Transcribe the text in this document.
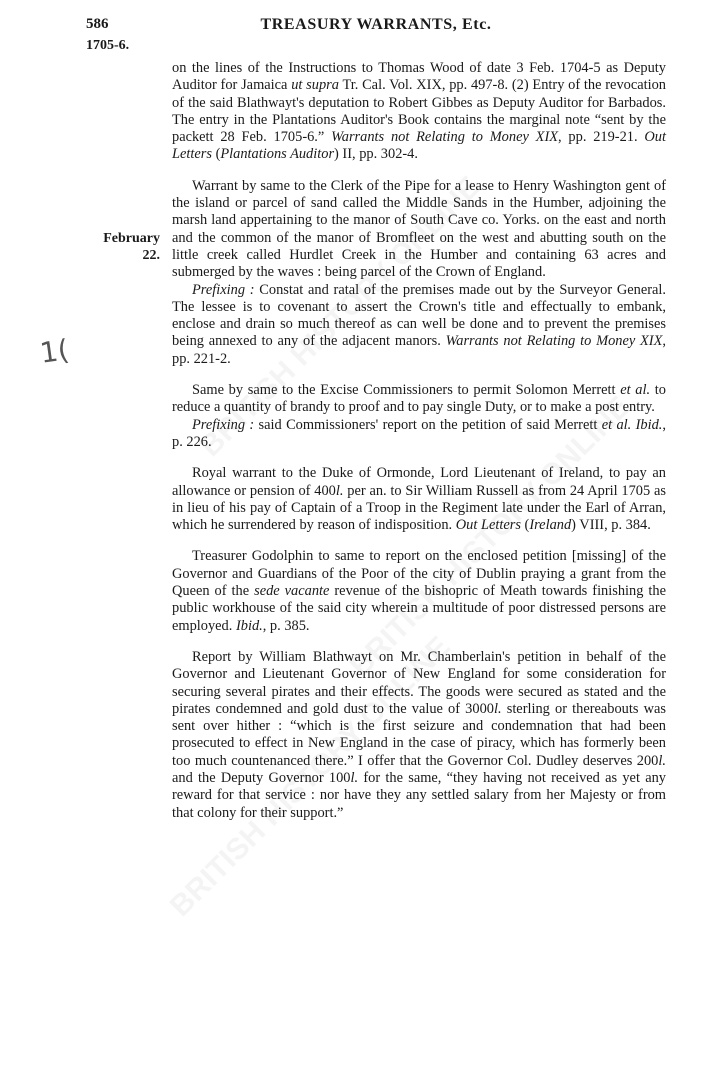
586	TREASURY WARRANTS, Etc.
1705-6.
February
22.
1(

on the lines of the Instructions to Thomas Wood of date 3 Feb. 1704-5 as Deputy Auditor for Jamaica ut supra Tr. Cal. Vol. XIX, pp. 497-8. (2) Entry of the revocation of the said Blathwayt's deputation to Robert Gibbes as Deputy Auditor for Barbados. The entry in the Plantations Auditor's Book contains the marginal note “sent by the packett 28 Feb. 1705-6.” Warrants not Relating to Money XIX, pp. 219-21. Out Letters (Plantations Auditor) II, pp. 302-4.

Warrant by same to the Clerk of the Pipe for a lease to Henry Washington gent of the island or parcel of sand called the Middle Sands in the Humber, adjoining the marsh land appertaining to the manor of South Cave co. Yorks. on the east and north and the common of the manor of Bromfleet on the west and abutting south on the little creek called Hurdlet Creek in the Humber and containing 63 acres and submerged by the waves : being parcel of the Crown of England.

Prefixing : Constat and ratal of the premises made out by the Surveyor General. The lessee is to covenant to assert the Crown's title and effectually to embank, enclose and drain so much thereof as can well be done and to prevent the premises being annexed to any of the adjacent manors. Warrants not Relating to Money XIX, pp. 221-2.

Same by same to the Excise Commissioners to permit Solomon Merrett et al. to reduce a quantity of brandy to proof and to pay single Duty, or to make a post entry.

Prefixing : said Commissioners' report on the petition of said Merrett et al. Ibid., p. 226.

Royal warrant to the Duke of Ormonde, Lord Lieutenant of Ireland, to pay an allowance or pension of 400l. per an. to Sir William Russell as from 24 April 1705 as in lieu of his pay of Captain of a Troop in the Regiment late under the Earl of Arran, which he surrendered by reason of indisposition. Out Letters (Ireland) VIII, p. 384.

Treasurer Godolphin to same to report on the enclosed petition [missing] of the Governor and Guardians of the Poor of the city of Dublin praying a grant from the Queen of the sede vacante revenue of the bishopric of Meath towards finishing the public workhouse of the said city wherein a multitude of poor distressed persons are employed. Ibid., p. 385.

Report by William Blathwayt on Mr. Chamberlain's petition in behalf of the Governor and Lieutenant Governor of New England for some consideration for securing several pirates and their effects. The goods were secured as stated and the pirates condemned and gold dust to the value of 3000l. sterling or thereabouts was sent over hither : “which is the first seizure and condemnation that had been prosecuted to effect in New England in the case of piracy, which has formerly been too much countenanced there.” I offer that the Governor Col. Dudley deserves 200l. and the Deputy Governor 100l. for the same, “they having not received as yet any reward for that service : nor have they any settled salary from her Majesty or from that colony for their support.”
